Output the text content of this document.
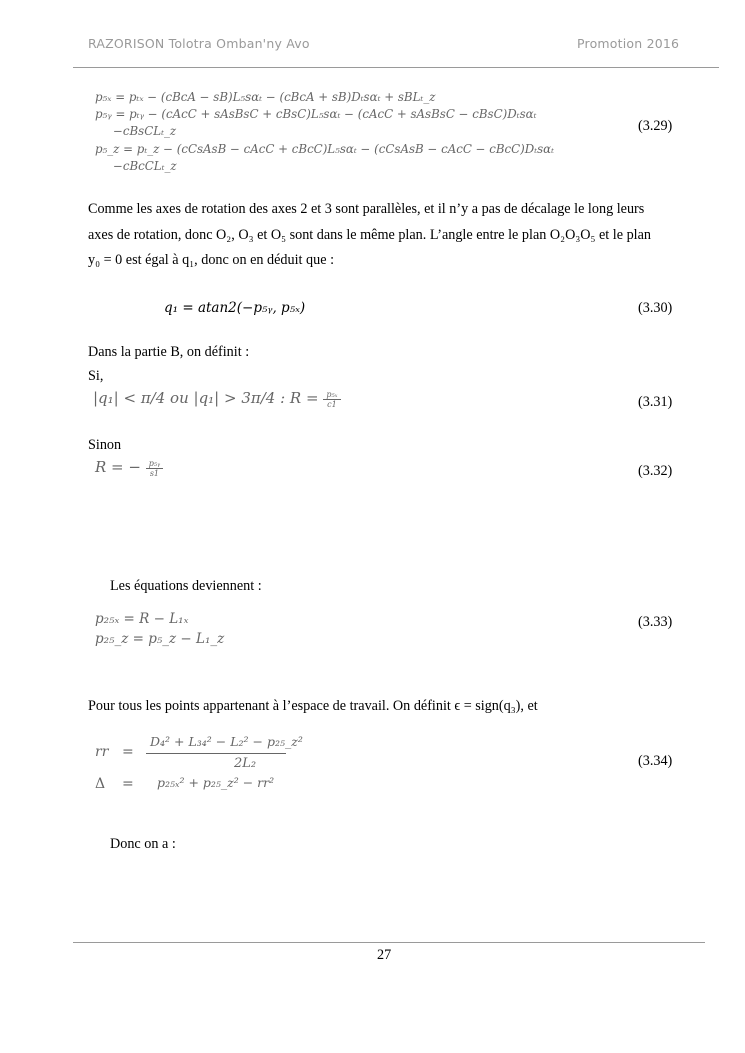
RAZORISON Tolotra Omban'ny Avo	Promotion 2016
p₅ₓ = pₜₓ − (cBcA − sB)L₅sαₜ − (cBcA + sB)Dₜsαₜ + sBLₜ_z
p₅ᵧ = pₜᵧ − (cAcC + sAsBsC + cBsC)L₅sαₜ − (cAcC + sAsBsC − cBsC)Dₜsαₜ
−cBsCLₜ_z
p₅_z = pₜ_z − (cCsAsB − cAcC + cBcC)L₅sαₜ − (cCsAsB − cAcC − cBcC)Dₜsαₜ
−cBcCLₜ_z
(3.29)
Comme les axes de rotation des axes 2 et 3 sont parallèles, et il n’y a pas de décalage le long leurs
axes de rotation, donc O₂, O₃ et O₅ sont dans le même plan. L’angle entre le plan O₂O₃O₅ et le plan
y₀ = 0 est égal à q₁, donc on en déduit que :
q₁ = atan2(−p₅ᵧ, p₅ₓ)	(3.30)
Dans la partie B, on définit :
Si,
|q₁| < π/4 ou |q₁| > 3π/4 : $R = \frac{\text{p₅ₓ}}{c1}$	(3.31)
Sinon
R = − $\frac{\text{p₅ᵧ}}{s1}$	(3.32)
Les équations deviennent :
p₂₅ₓ = R − L₁ₓ
p₂₅_z = p₅_z − L₁_z
(3.33)
Pour tous les points appartenant à l’espace de travail. On définit ϵ = sign(q₃), et
rr =
D₄² + L₃₄² − L₂² − p₂₅_z²
2L₂
Δ = p₂₅ₓ² + p₂₅_z² − rr²
(3.34)
Donc on a :
27
